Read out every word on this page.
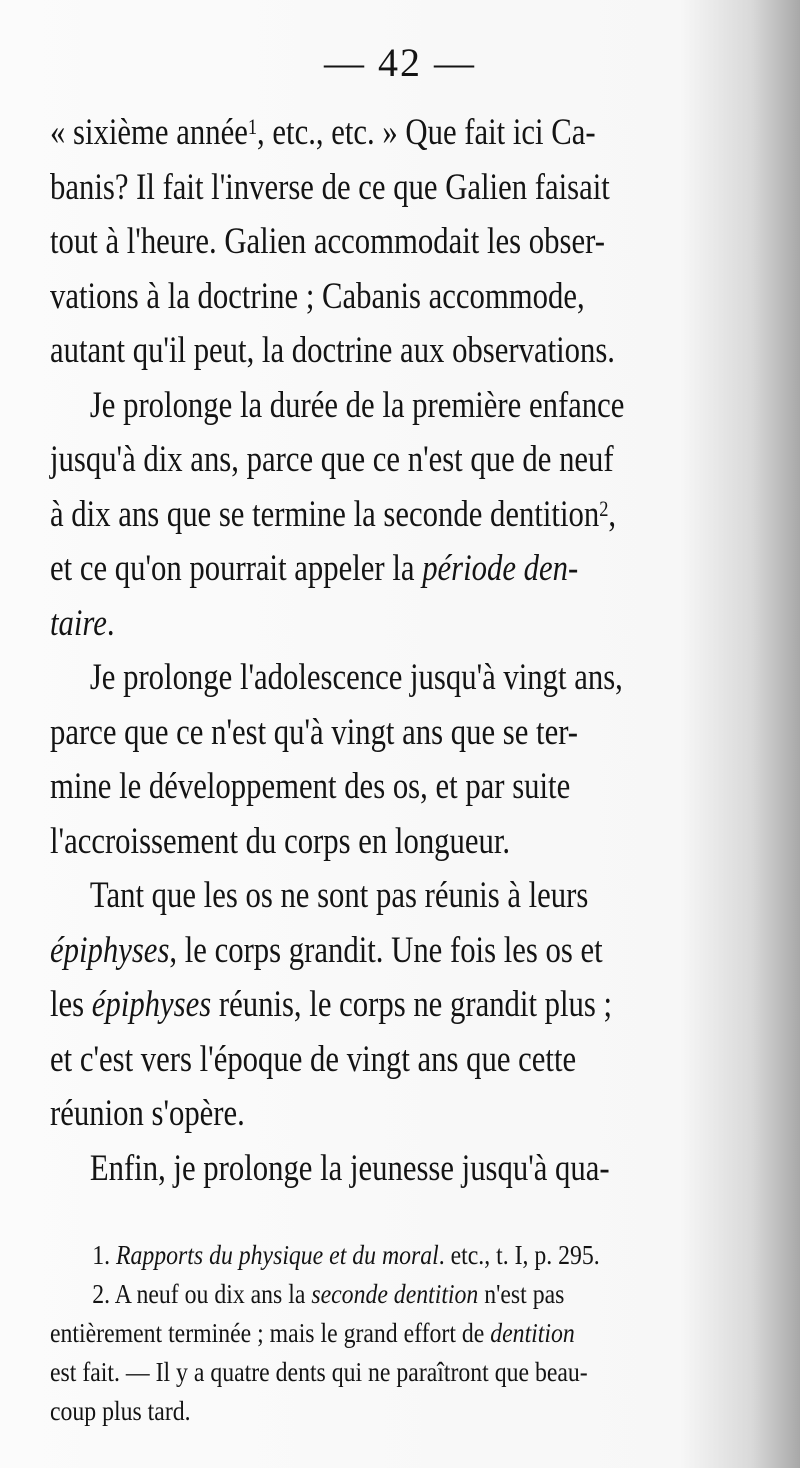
— 42 —
« sixième année$^1$, etc., etc. » Que fait ici Ca-
banis? Il fait l'inverse de ce que Galien faisait
tout à l'heure. Galien accommodait les obser-
vations à la doctrine ; Cabanis accommode,
autant qu'il peut, la doctrine aux observations.
Je prolonge la durée de la première enfance
jusqu'à dix ans, parce que ce n'est que de neuf
à dix ans que se termine la seconde dentition$^2$,
et ce qu'on pourrait appeler la période den-
taire.
Je prolonge l'adolescence jusqu'à vingt ans,
parce que ce n'est qu'à vingt ans que se ter-
mine le développement des os, et par suite
l'accroissement du corps en longueur.
Tant que les os ne sont pas réunis à leurs
épiphyses, le corps grandit. Une fois les os et
les épiphyses réunis, le corps ne grandit plus ;
et c'est vers l'époque de vingt ans que cette
réunion s'opère.
Enfin, je prolonge la jeunesse jusqu'à qua-
1. Rapports du physique et du moral. etc., t. I, p. 295.
2. A neuf ou dix ans la seconde dentition n'est pas
entièrement terminée ; mais le grand effort de dentition
est fait. — Il y a quatre dents qui ne paraîtront que beau-
coup plus tard.
